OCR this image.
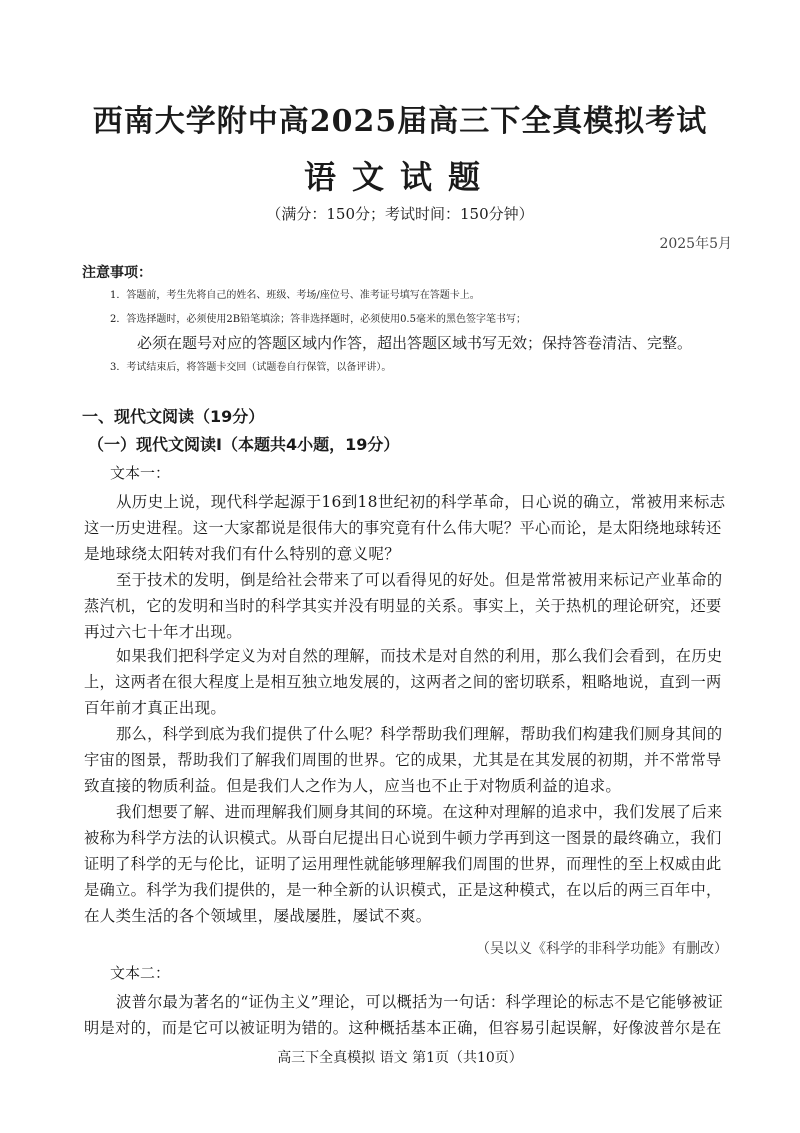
西南大学附中高2025届高三下全真模拟考试
语文试题
（满分：150分；考试时间：150分钟）
2025年5月
注意事项：
1．答题前，考生先将自己的姓名、班级、考场/座位号、准考证号填写在答题卡上。
2．答选择题时，必须使用2B铅笔填涂；答非选择题时，必须使用0.5毫米的黑色签字笔书写；
必须在题号对应的答题区域内作答，超出答题区域书写无效；保持答卷清洁、完整。
3．考试结束后，将答题卡交回（试题卷自行保管，以备评讲）。
一、现代文阅读（19分）
（一）现代文阅读Ⅰ（本题共4小题，19分）
文本一：
从历史上说，现代科学起源于16到18世纪初的科学革命，日心说的确立，常被用来标志
这一历史进程。这一大家都说是很伟大的事究竟有什么伟大呢？平心而论，是太阳绕地球转还
是地球绕太阳转对我们有什么特别的意义呢？
至于技术的发明，倒是给社会带来了可以看得见的好处。但是常常被用来标记产业革命的
蒸汽机，它的发明和当时的科学其实并没有明显的关系。事实上，关于热机的理论研究，还要
再过六七十年才出现。
如果我们把科学定义为对自然的理解，而技术是对自然的利用，那么我们会看到，在历史
上，这两者在很大程度上是相互独立地发展的，这两者之间的密切联系，粗略地说，直到一两
百年前才真正出现。
那么，科学到底为我们提供了什么呢？科学帮助我们理解，帮助我们构建我们厕身其间的
宇宙的图景，帮助我们了解我们周围的世界。它的成果，尤其是在其发展的初期，并不常常导
致直接的物质利益。但是我们人之作为人，应当也不止于对物质利益的追求。
我们想要了解、进而理解我们厕身其间的环境。在这种对理解的追求中，我们发展了后来
被称为科学方法的认识模式。从哥白尼提出日心说到牛顿力学再到这一图景的最终确立，我们
证明了科学的无与伦比，证明了运用理性就能够理解我们周围的世界，而理性的至上权威由此
是确立。科学为我们提供的，是一种全新的认识模式，正是这种模式，在以后的两三百年中，
在人类生活的各个领域里，屡战屡胜，屡试不爽。
（吴以义《科学的非科学功能》有删改）
文本二：
波普尔最为著名的“证伪主义”理论，可以概括为一句话：科学理论的标志不是它能够被证
明是对的，而是它可以被证明为错的。这种概括基本正确，但容易引起误解，好像波普尔是在
高三下全真模拟 语文 第1页（共10页）
